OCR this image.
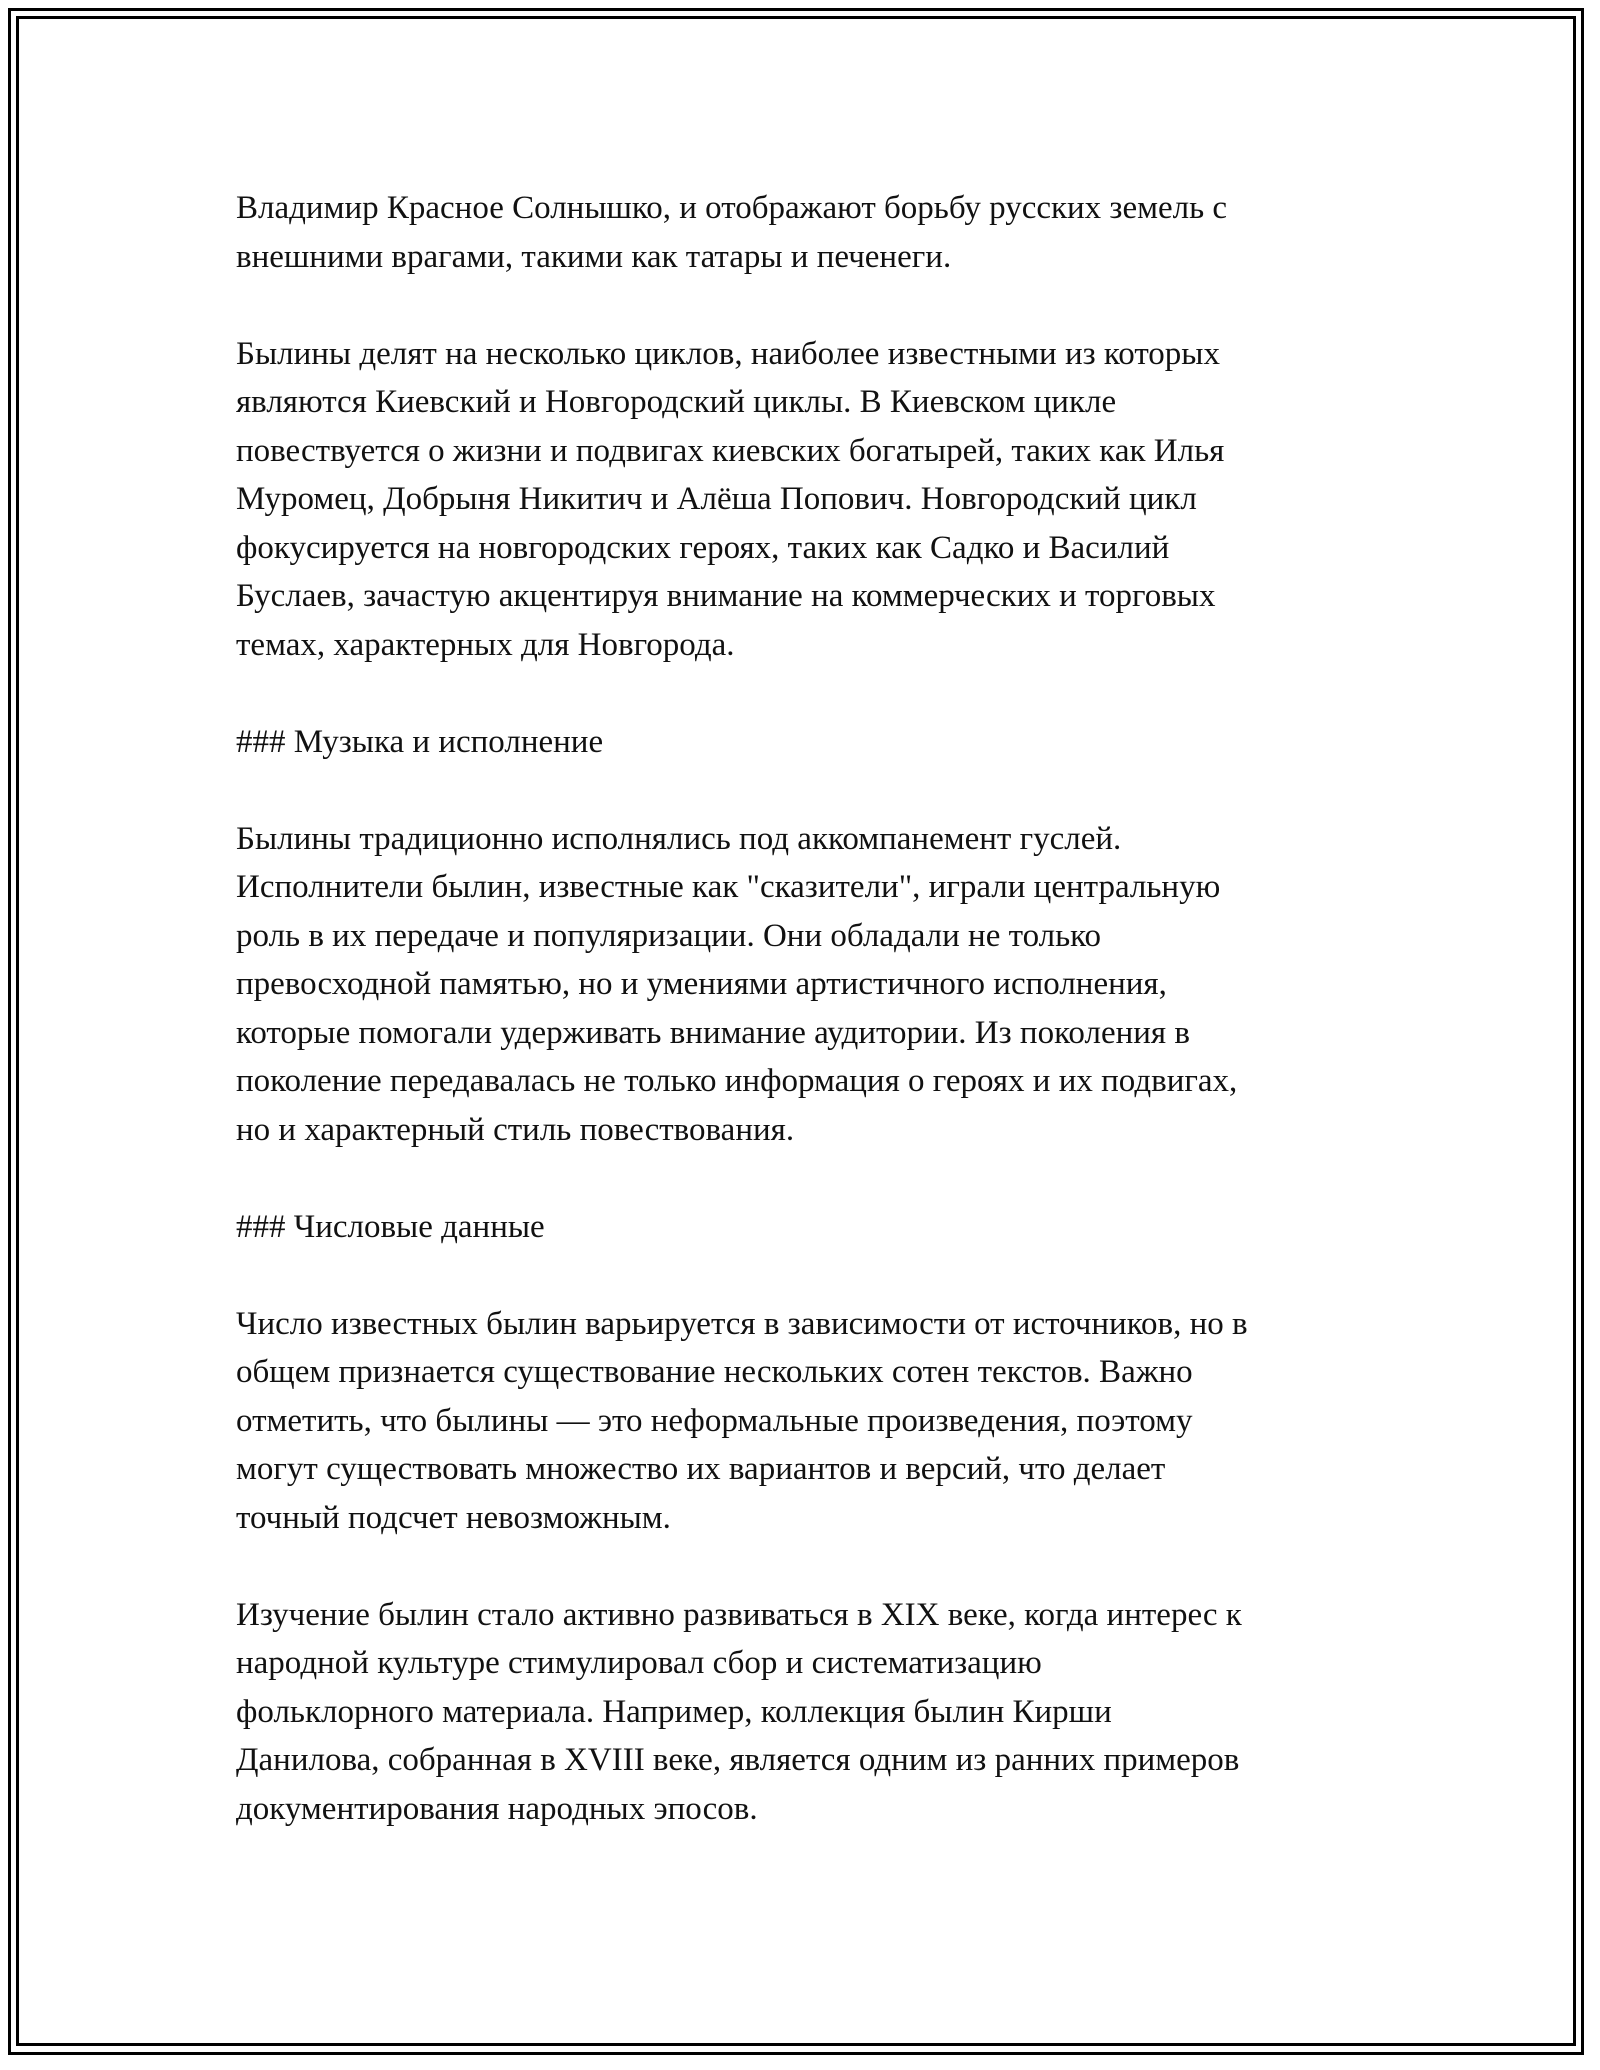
Владимир Красное Солнышко, и отображают борьбу русских земель с
внешними врагами, такими как татары и печенеги.

Былины делят на несколько циклов, наиболее известными из которых
являются Киевский и Новгородский циклы. В Киевском цикле
повествуется о жизни и подвигах киевских богатырей, таких как Илья
Муромец, Добрыня Никитич и Алёша Попович. Новгородский цикл
фокусируется на новгородских героях, таких как Садко и Василий
Буслаев, зачастую акцентируя внимание на коммерческих и торговых
темах, характерных для Новгорода.

### Музыка и исполнение

Былины традиционно исполнялись под аккомпанемент гуслей.
Исполнители былин, известные как "сказители", играли центральную
роль в их передаче и популяризации. Они обладали не только
превосходной памятью, но и умениями артистичного исполнения,
которые помогали удерживать внимание аудитории. Из поколения в
поколение передавалась не только информация о героях и их подвигах,
но и характерный стиль повествования.

### Числовые данные

Число известных былин варьируется в зависимости от источников, но в
общем признается существование нескольких сотен текстов. Важно
отметить, что былины — это неформальные произведения, поэтому
могут существовать множество их вариантов и версий, что делает
точный подсчет невозможным.

Изучение былин стало активно развиваться в XIX веке, когда интерес к
народной культуре стимулировал сбор и систематизацию
фольклорного материала. Например, коллекция былин Кирши
Данилова, собранная в XVIII веке, является одним из ранних примеров
документирования народных эпосов.
